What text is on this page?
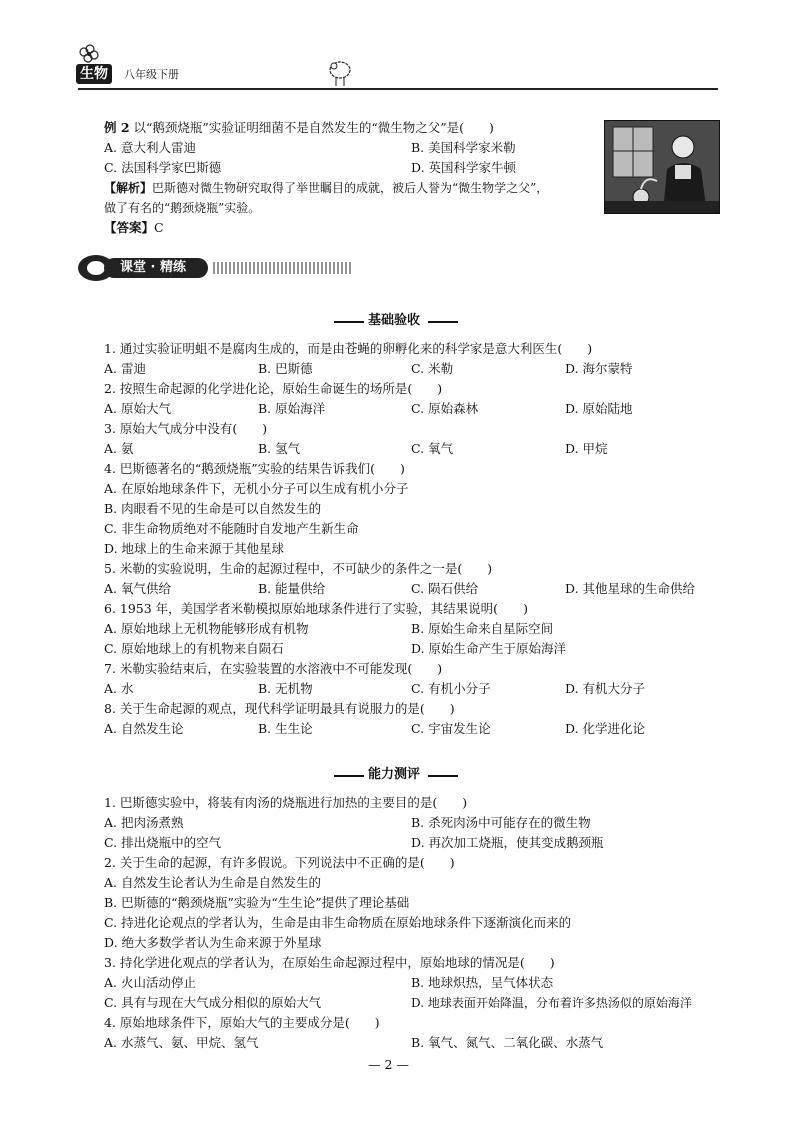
生物	八年级下册
例 2 以“鹅颈烧瓶”实验证明细菌不是自然发生的“微生物之父”是(　　)
A. 意大利人雷迪	B. 美国科学家米勒
C. 法国科学家巴斯德	D. 英国科学家牛顿
【解析】巴斯德对微生物研究取得了举世瞩目的成就，被后人誉为“微生物学之父”，
做了有名的“鹅颈烧瓶”实验。
【答案】C
课堂 · 精练
基础验收
1. 通过实验证明蛆不是腐肉生成的，而是由苍蝇的卵孵化来的科学家是意大利医生(　　)
A. 雷迪	B. 巴斯德	C. 米勒	D. 海尔蒙特
2. 按照生命起源的化学进化论，原始生命诞生的场所是(　　)
A. 原始大气	B. 原始海洋	C. 原始森林	D. 原始陆地
3. 原始大气成分中没有(　　)
A. 氨	B. 氢气	C. 氧气	D. 甲烷
4. 巴斯德著名的“鹅颈烧瓶”实验的结果告诉我们(　　)
A. 在原始地球条件下，无机小分子可以生成有机小分子
B. 肉眼看不见的生命是可以自然发生的
C. 非生命物质绝对不能随时自发地产生新生命
D. 地球上的生命来源于其他星球
5. 米勒的实验说明，生命的起源过程中，不可缺少的条件之一是(　　)
A. 氧气供给	B. 能量供给	C. 陨石供给	D. 其他星球的生命供给
6. 1953 年，美国学者米勒模拟原始地球条件进行了实验，其结果说明(　　)
A. 原始地球上无机物能够形成有机物	B. 原始生命来自星际空间
C. 原始地球上的有机物来自陨石	D. 原始生命产生于原始海洋
7. 米勒实验结束后，在实验装置的水溶液中不可能发现(　　)
A. 水	B. 无机物	C. 有机小分子	D. 有机大分子
8. 关于生命起源的观点，现代科学证明最具有说服力的是(　　)
A. 自然发生论	B. 生生论	C. 宇宙发生论	D. 化学进化论
能力测评
1. 巴斯德实验中，将装有肉汤的烧瓶进行加热的主要目的是(　　)
A. 把肉汤煮熟	B. 杀死肉汤中可能存在的微生物
C. 排出烧瓶中的空气	D. 再次加工烧瓶，使其变成鹅颈瓶
2. 关于生命的起源，有许多假说。下列说法中不正确的是(　　)
A. 自然发生论者认为生命是自然发生的
B. 巴斯德的“鹅颈烧瓶”实验为“生生论”提供了理论基础
C. 持进化论观点的学者认为，生命是由非生命物质在原始地球条件下逐渐演化而来的
D. 绝大多数学者认为生命来源于外星球
3. 持化学进化观点的学者认为，在原始生命起源过程中，原始地球的情况是(　　)
A. 火山活动停止	B. 地球炽热，呈气体状态
C. 具有与现在大气成分相似的原始大气	D. 地球表面开始降温，分布着许多热汤似的原始海洋
4. 原始地球条件下，原始大气的主要成分是(　　)
A. 水蒸气、氨、甲烷、氢气	B. 氧气、氮气、二氧化碳、水蒸气
— 2 —
